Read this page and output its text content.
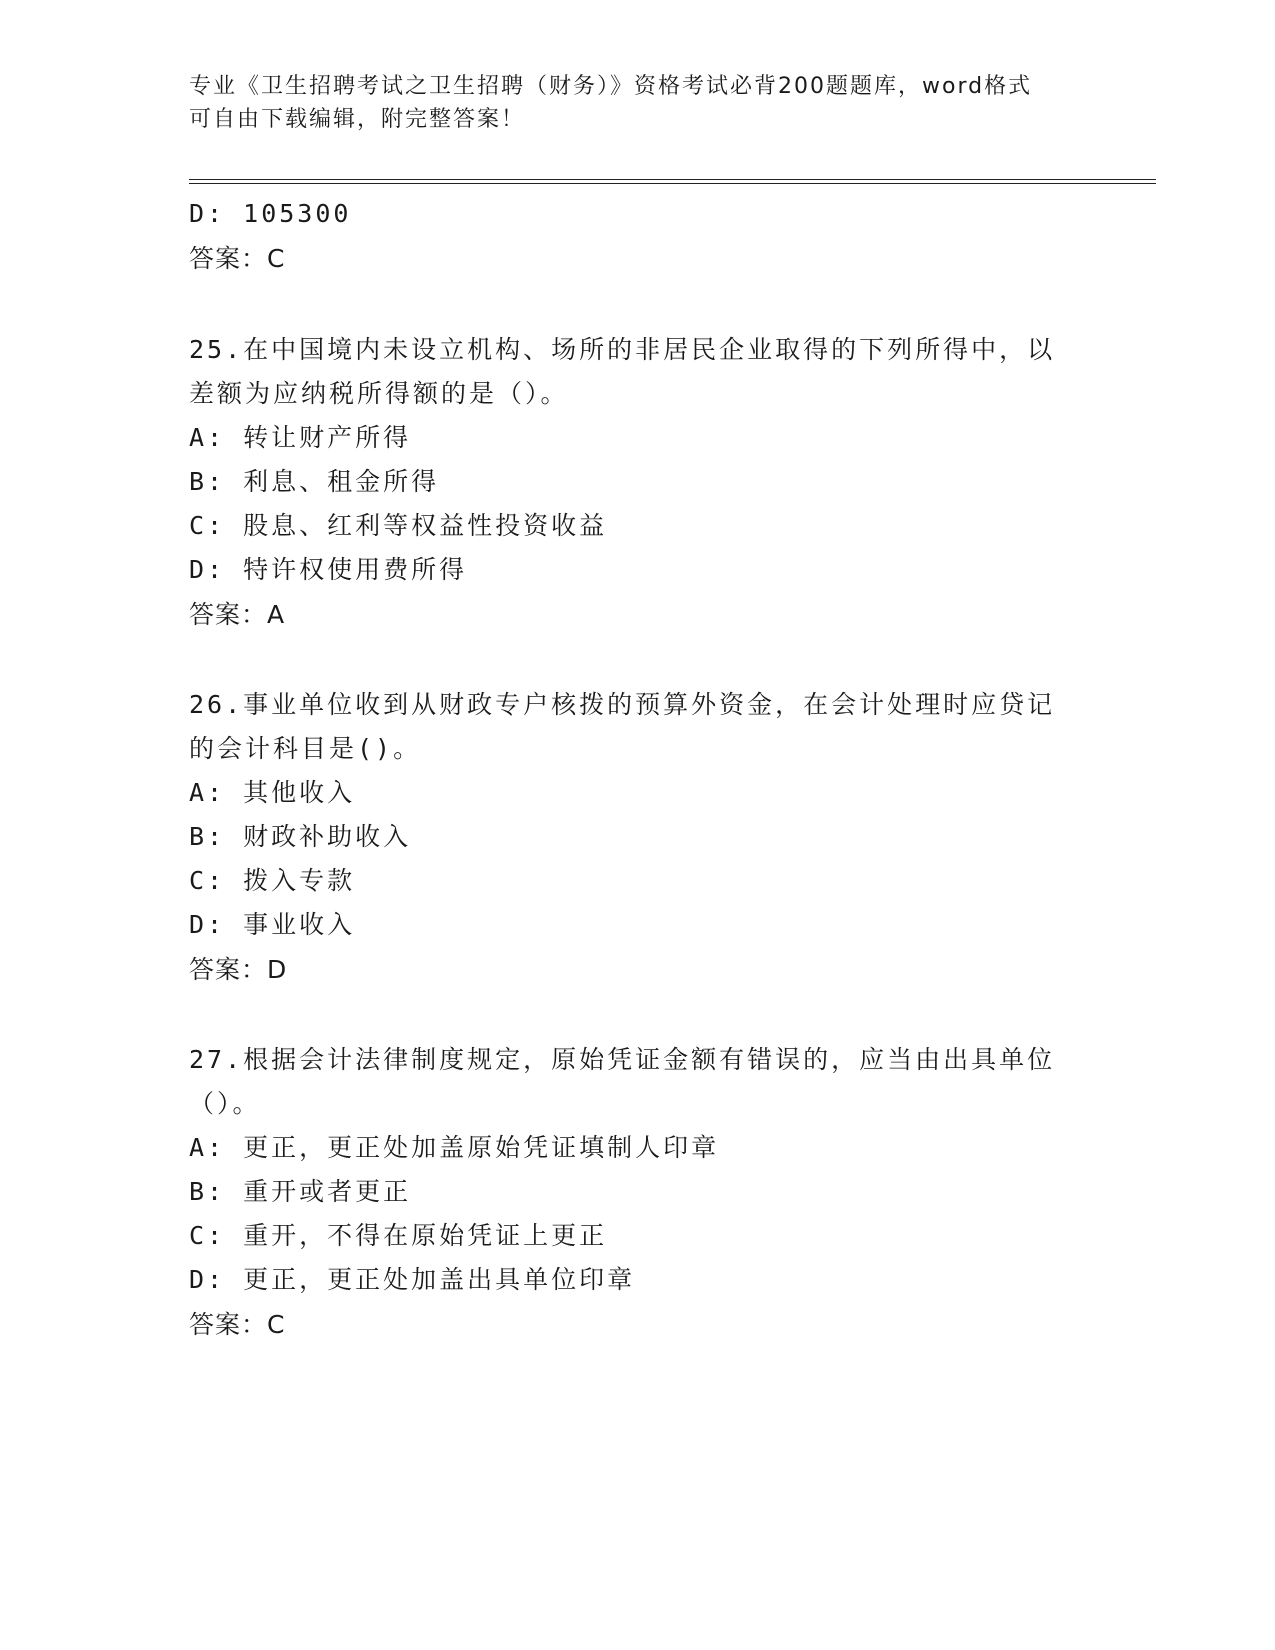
专业《卫生招聘考试之卫生招聘（财务）》资格考试必背200题题库，word格式
可自由下载编辑，附完整答案！
D: 105300
答案：C
25.在中国境内未设立机构、场所的非居民企业取得的下列所得中，以
差额为应纳税所得额的是（）。
A: 转让财产所得
B: 利息、租金所得
C: 股息、红利等权益性投资收益
D: 特许权使用费所得
答案：A
26.事业单位收到从财政专户核拨的预算外资金，在会计处理时应贷记
的会计科目是()。
A: 其他收入
B: 财政补助收入
C: 拨入专款
D: 事业收入
答案：D
27.根据会计法律制度规定，原始凭证金额有错误的，应当由出具单位
（）。
A: 更正，更正处加盖原始凭证填制人印章
B: 重开或者更正
C: 重开，不得在原始凭证上更正
D: 更正，更正处加盖出具单位印章
答案：C
